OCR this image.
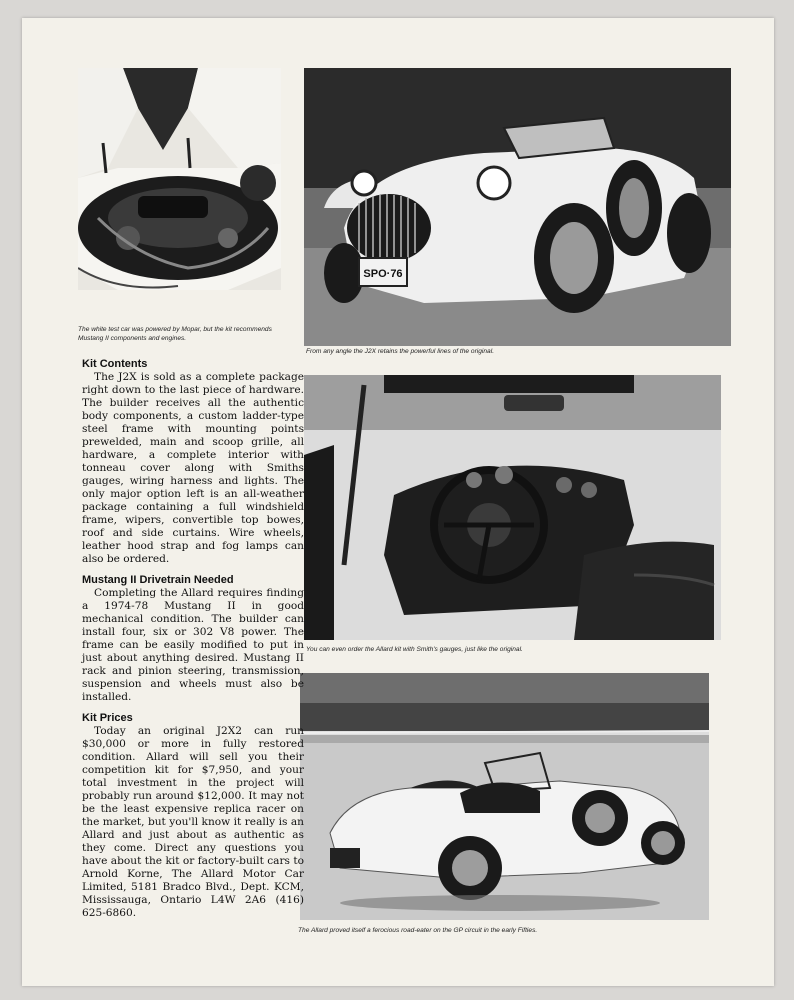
The white test car was powered by Mopar, but the kit recommends Mustang II components and engines.
SPO·76
From any angle the J2X retains the powerful lines of the original.
You can even order the Allard kit with Smith's gauges, just like the original.
The Allard proved itself a ferocious road-eater on the GP circuit in the early Fifties.
Kit Contents

The J2X is sold as a complete package right down to the last piece of hardware. The builder receives all the authentic body components, a custom ladder-type steel frame with mounting points prewelded, main and scoop grille, all hardware, a complete interior with tonneau cover along with Smiths gauges, wiring harness and lights. The only major option left is an all-weather package containing a full windshield frame, wipers, convertible top bowes, roof and side curtains. Wire wheels, leather hood strap and fog lamps can also be ordered.

Mustang II Drivetrain Needed

Completing the Allard requires finding a 1974-78 Mustang II in good mechanical condition. The builder can install four, six or 302 V8 power. The frame can be easily modified to put in just about anything desired. Mustang II rack and pinion steering, transmission, suspension and wheels must also be installed.

Kit Prices

Today an original J2X2 can run $30,000 or more in fully restored condition. Allard will sell you their competition kit for $7,950, and your total investment in the project will probably run around $12,000. It may not be the least expensive replica racer on the market, but you'll know it really is an Allard and just about as authentic as they come. Direct any questions you have about the kit or factory-built cars to Arnold Korne, The Allard Motor Car Limited, 5181 Bradco Blvd., Dept. KCM, Mississauga, Ontario L4W 2A6 (416) 625-6860.
